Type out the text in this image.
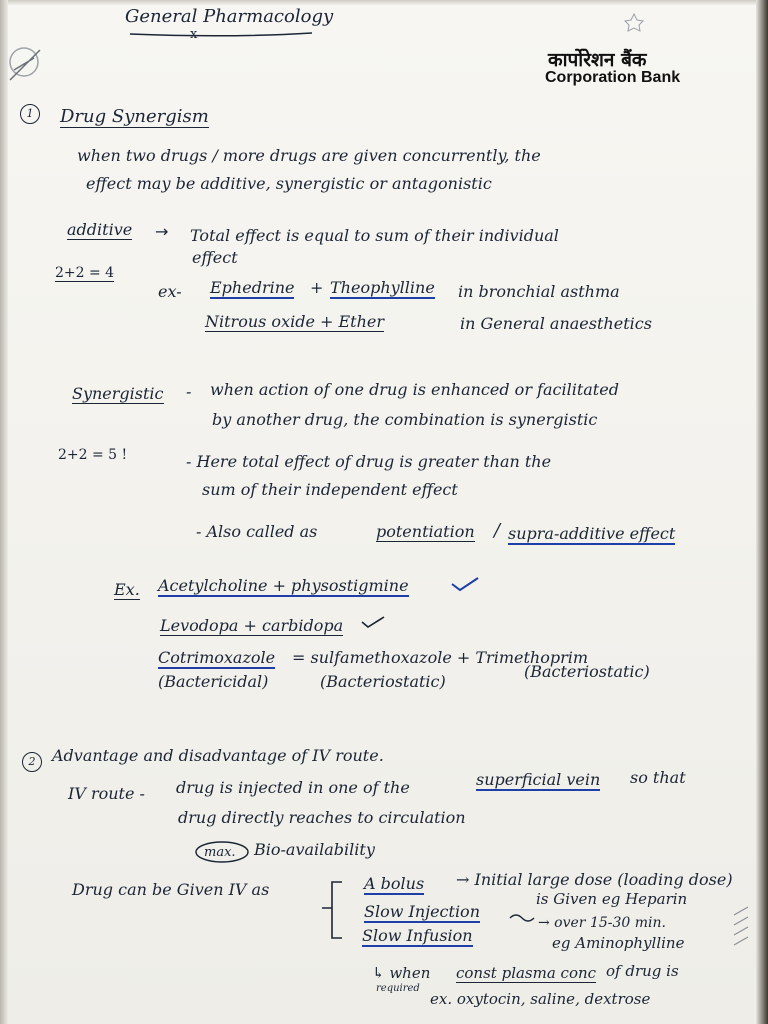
General Pharmacology
x
कार्पोरेशन बैंक
Corporation Bank
1	Drug Synergism
when two drugs / more drugs are given concurrently, the
effect may be additive, synergistic or antagonistic
additive → Total effect is equal to sum of their individual
effect
2+2 = 4
ex- Ephedrine + Theophylline in bronchial asthma
Nitrous oxide + Ether	in General anaesthetics
Synergistic - when action of one drug is enhanced or facilitated
by another drug, the combination is synergistic
2+2 = 5 !	- Here total effect of drug is greater than the
sum of their independent effect
- Also called as	potentiation / supra-additive effect
Ex. Acetylcholine + physostigmine
Levodopa + carbidopa
Cotrimoxazole = sulfamethoxazole + Trimethoprim
(Bactericidal)	(Bacteriostatic)
(Bacteriostatic)
2	Advantage and disadvantage of IV route.
IV route - drug is injected in one of the	superficial vein so that
drug directly reaches to circulation
max. Bio-availability
Drug can be Given IV as	A bolus → Initial large dose (loading dose)
is Given eg Heparin
Slow Injection
Slow Infusion
→ over 15-30 min.
eg Aminophylline
↳ when const plasma conc of drug is
required
ex. oxytocin, saline, dextrose
